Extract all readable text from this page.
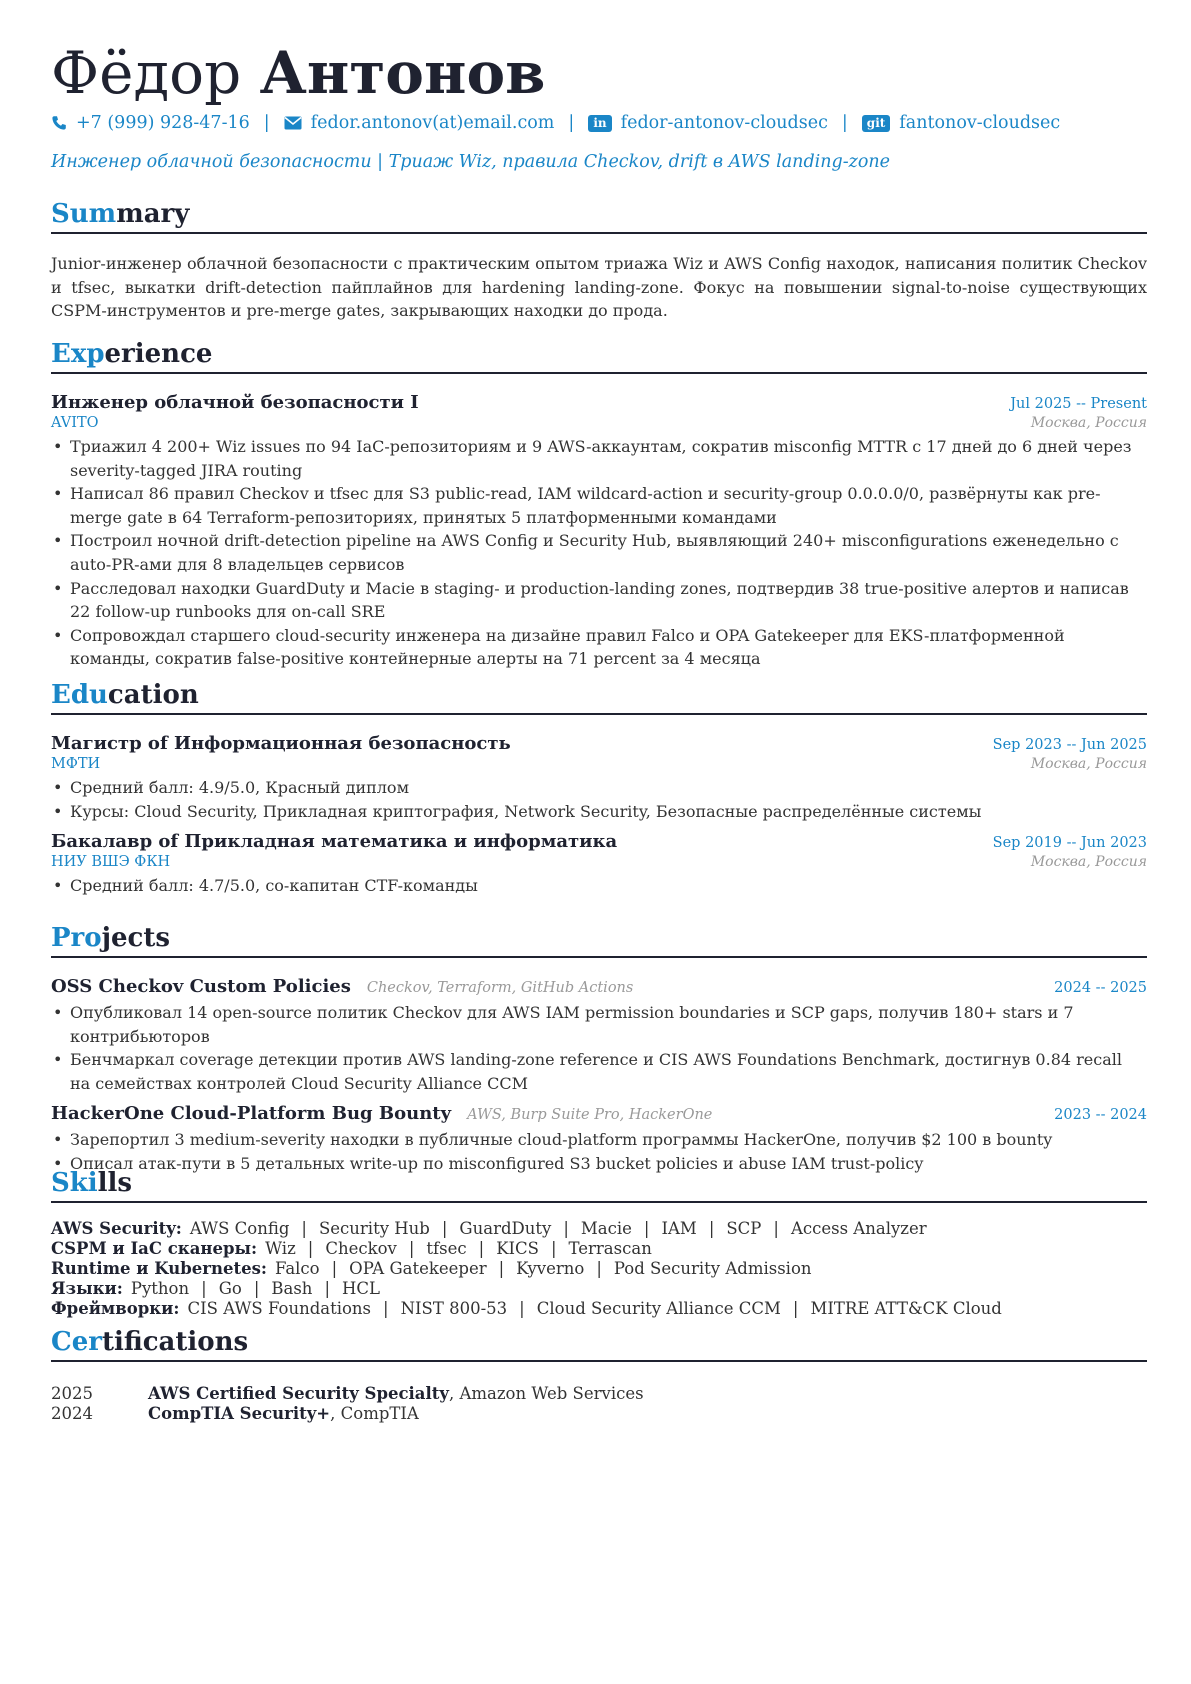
Фёдор Антонов
+7 (999) 928-47-16 | fedor.antonov(at)email.com |	in fedor-antonov-cloudsec |	git fantonov-cloudsec
Инженер облачной безопасности | Триаж Wiz, правила Checkov, drift в AWS landing-zone
Summary
Junior-инженер облачной безопасности с практическим опытом триажа Wiz и AWS Config находок, написания политик Checkov и tfsec, выкатки drift-detection пайплайнов для hardening landing-zone. Фокус на повышении signal-to-noise существующих CSPM-инструментов и pre-merge gates, закрывающих находки до прода.
Experience
Инженер облачной безопасности I	Jul 2025 -- Present
AVITO	Москва, Россия
• Триажил 4 200+ Wiz issues по 94 IaC-репозиториям и 9 AWS-аккаунтам, сократив misconfig MTTR с 17 дней до 6 дней через severity-tagged JIRA routing
• Написал 86 правил Checkov и tfsec для S3 public-read, IAM wildcard-action и security-group 0.0.0.0/0, развёрнуты как pre-merge gate в 64 Terraform-репозиториях, принятых 5 платформенными командами
• Построил ночной drift-detection pipeline на AWS Config и Security Hub, выявляющий 240+ misconfigurations еженедельно с auto-PR-ами для 8 владельцев сервисов
• Расследовал находки GuardDuty и Macie в staging- и production-landing zones, подтвердив 38 true-positive алертов и написав 22 follow-up runbooks для on-call SRE
• Сопровождал старшего cloud-security инженера на дизайне правил Falco и OPA Gatekeeper для EKS-платформенной команды, сократив false-positive контейнерные алерты на 71 percent за 4 месяца
Education
Магистр of Информационная безопасность	Sep 2023 -- Jun 2025
МФТИ	Москва, Россия
• Средний балл: 4.9/5.0, Красный диплом
• Курсы: Cloud Security, Прикладная криптография, Network Security, Безопасные распределённые системы
Бакалавр of Прикладная математика и информатика	Sep 2019 -- Jun 2023
НИУ ВШЭ ФКН	Москва, Россия
• Средний балл: 4.7/5.0, со-капитан CTF-команды
Projects
OSS Checkov Custom Policies Checkov, Terraform, GitHub Actions	2024 -- 2025
• Опубликовал 14 open-source политик Checkov для AWS IAM permission boundaries и SCP gaps, получив 180+ stars и 7 контрибьюторов
• Бенчмаркал coverage детекции против AWS landing-zone reference и CIS AWS Foundations Benchmark, достигнув 0.84 recall на семействах контролей Cloud Security Alliance CCM
HackerOne Cloud-Platform Bug Bounty AWS, Burp Suite Pro, HackerOne	2023 -- 2024
• Зарепортил 3 medium-severity находки в публичные cloud-platform программы HackerOne, получив $2 100 в bounty
• Описал атак-пути в 5 детальных write-up по misconfigured S3 bucket policies и abuse IAM trust-policy
Skills
AWS Security: AWS Config | Security Hub | GuardDuty | Macie | IAM | SCP | Access Analyzer
CSPM и IaC сканеры: Wiz | Checkov | tfsec | KICS | Terrascan
Runtime и Kubernetes: Falco | OPA Gatekeeper | Kyverno | Pod Security Admission
Языки: Python | Go | Bash | HCL
Фреймворки: CIS AWS Foundations | NIST 800-53 | Cloud Security Alliance CCM | MITRE ATT&CK Cloud
Certifications
2025	AWS Certified Security Specialty , Amazon Web Services
2024	CompTIA Security+ , CompTIA
